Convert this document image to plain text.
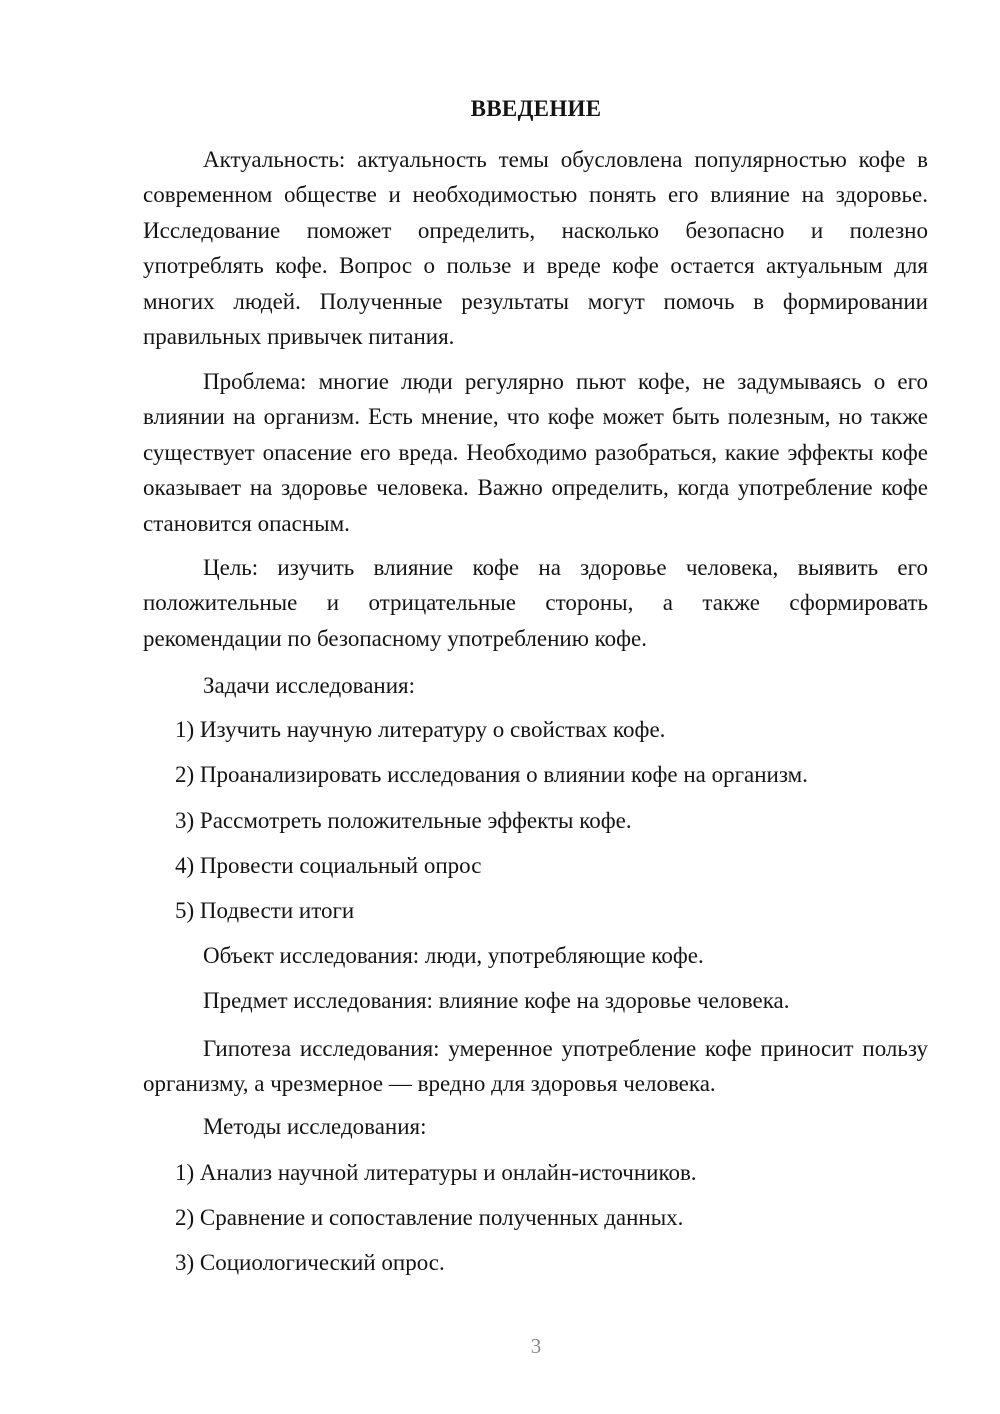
ВВЕДЕНИЕ

Актуальность: актуальность темы обусловлена популярностью кофе в современном обществе и необходимостью понять его влияние на здоровье. Исследование поможет определить, насколько безопасно и полезно употреблять кофе. Вопрос о пользе и вреде кофе остается актуальным для многих людей. Полученные результаты могут помочь в формировании правильных привычек питания.

Проблема: многие люди регулярно пьют кофе, не задумываясь о его влиянии на организм. Есть мнение, что кофе может быть полезным, но также существует опасение его вреда. Необходимо разобраться, какие эффекты кофе оказывает на здоровье человека. Важно определить, когда употребление кофе становится опасным.

Цель: изучить влияние кофе на здоровье человека, выявить его положительные и отрицательные стороны, а также сформировать рекомендации по безопасному употреблению кофе.

Задачи исследования:

1) Изучить научную литературу о свойствах кофе.

2) Проанализировать исследования о влиянии кофе на организм.

3) Рассмотреть положительные эффекты кофе.

4) Провести социальный опрос

5) Подвести итоги

Объект исследования: люди, употребляющие кофе.

Предмет исследования: влияние кофе на здоровье человека.

Гипотеза исследования: умеренное употребление кофе приносит пользу организму, а чрезмерное — вредно для здоровья человека.

Методы исследования:

1) Анализ научной литературы и онлайн-источников.

2) Сравнение и сопоставление полученных данных.

3) Социологический опрос.

3
